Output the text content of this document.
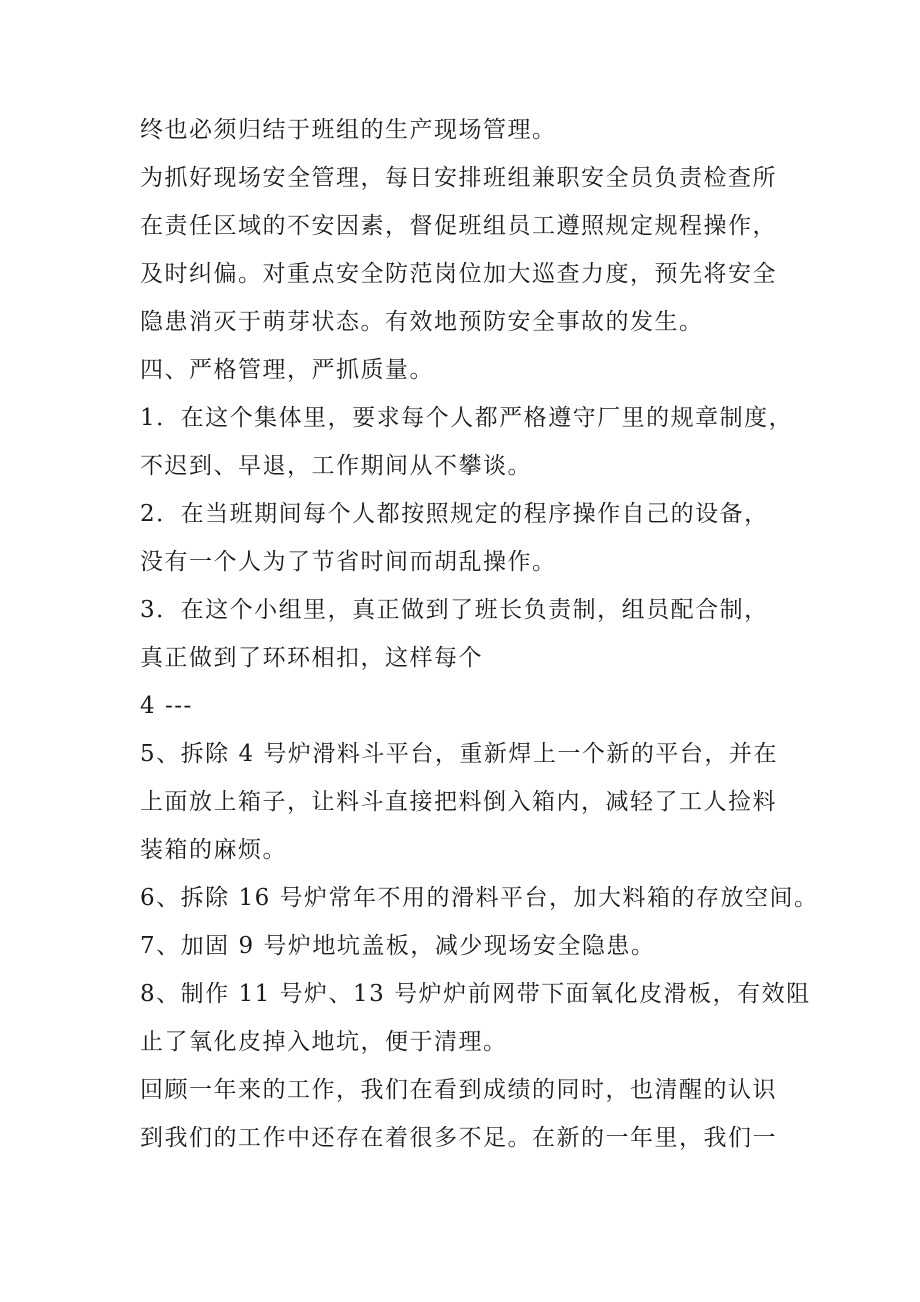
终也必须归结于班组的生产现场管理。
为抓好现场安全管理，每日安排班组兼职安全员负责检查所
在责任区域的不安因素，督促班组员工遵照规定规程操作，
及时纠偏。对重点安全防范岗位加大巡查力度，预先将安全
隐患消灭于萌芽状态。有效地预防安全事故的发生。
四、严格管理，严抓质量。
1．在这个集体里，要求每个人都严格遵守厂里的规章制度，
不迟到、早退，工作期间从不攀谈。
2．在当班期间每个人都按照规定的程序操作自己的设备，
没有一个人为了节省时间而胡乱操作。
3．在这个小组里，真正做到了班长负责制，组员配合制，
真正做到了环环相扣，这样每个
4 ---
5、拆除 4 号炉滑料斗平台，重新焊上一个新的平台，并在
上面放上箱子，让料斗直接把料倒入箱内，减轻了工人捡料
装箱的麻烦。
6、拆除 16 号炉常年不用的滑料平台，加大料箱的存放空间。
7、加固 9 号炉地坑盖板，减少现场安全隐患。
8、制作 11 号炉、13 号炉炉前网带下面氧化皮滑板，有效阻
止了氧化皮掉入地坑，便于清理。
回顾一年来的工作，我们在看到成绩的同时，也清醒的认识
到我们的工作中还存在着很多不足。在新的一年里，我们一
